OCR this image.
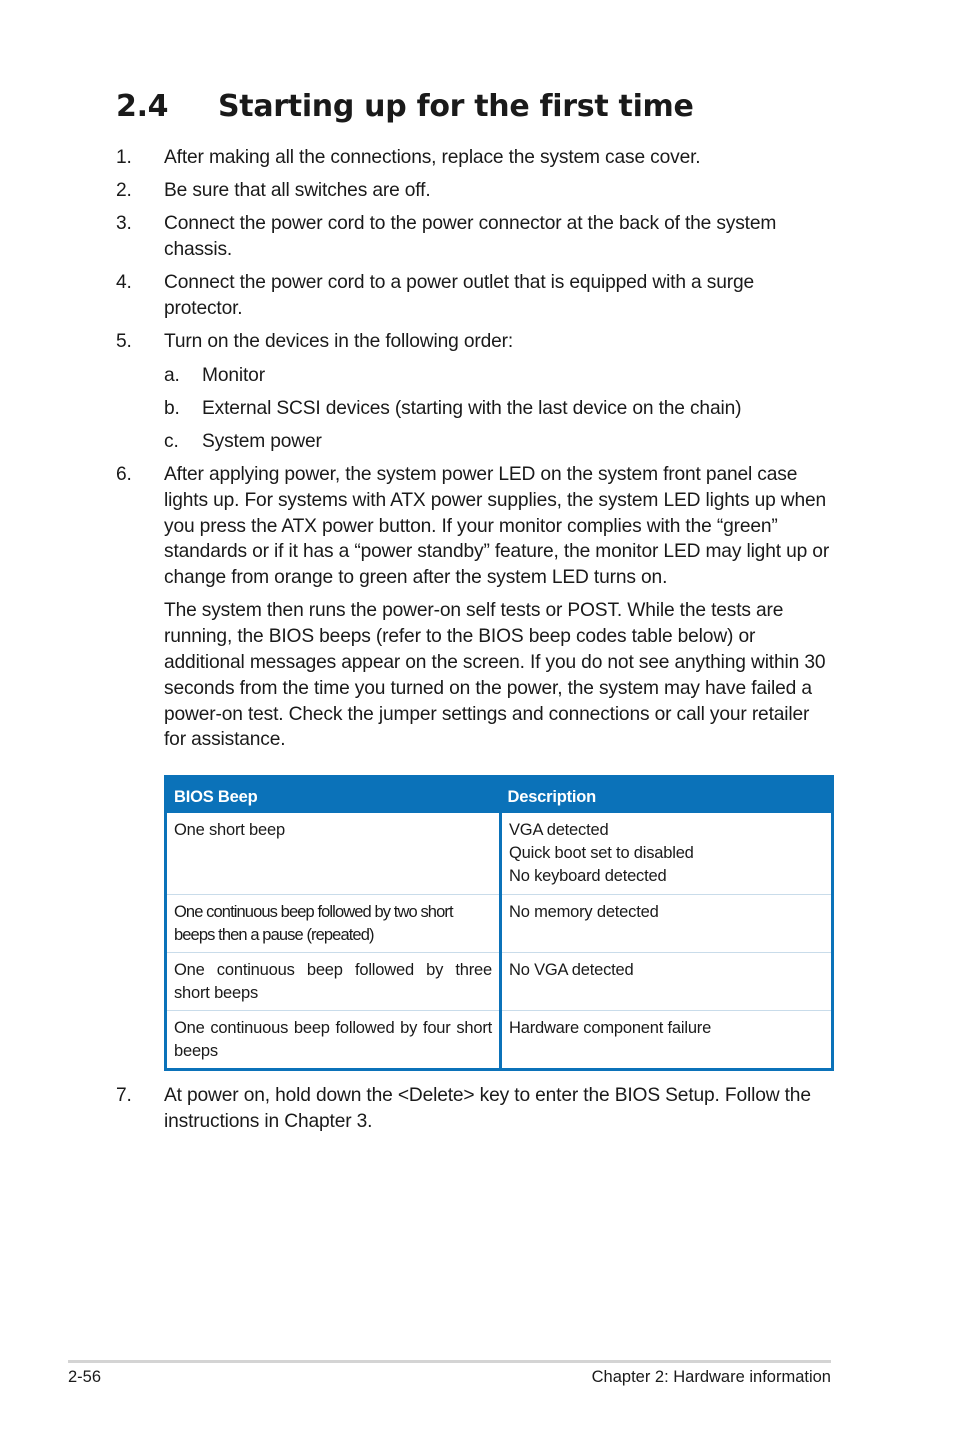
2.4 Starting up for the first time
1. After making all the connections, replace the system case cover.
2. Be sure that all switches are off.
3. Connect the power cord to the power connector at the back of the system chassis.
4. Connect the power cord to a power outlet that is equipped with a surge protector.
5. Turn on the devices in the following order:
a. Monitor
b. External SCSI devices (starting with the last device on the chain)
c. System power
6. After applying power, the system power LED on the system front panel case lights up. For systems with ATX power supplies, the system LED lights up when you press the ATX power button. If your monitor complies with the “green” standards or if it has a “power standby” feature, the monitor LED may light up or change from orange to green after the system LED turns on.
The system then runs the power-on self tests or POST. While the tests are running, the BIOS beeps (refer to the BIOS beep codes table below) or additional messages appear on the screen. If you do not see anything within 30 seconds from the time you turned on the power, the system may have failed a power-on test. Check the jumper settings and connections or call your retailer for assistance.
BIOS Beep	Description
One short beep	VGA detected
Quick boot set to disabled
No keyboard detected

One continuous beep followed by two short beeps then a pause (repeated)	No memory detected

One continuous beep followed by three short beeps	No VGA detected

One continuous beep followed by four short beeps	Hardware component failure
7. At power on, hold down the <Delete> key to enter the BIOS Setup. Follow the instructions in Chapter 3.
2-56	Chapter 2: Hardware information
